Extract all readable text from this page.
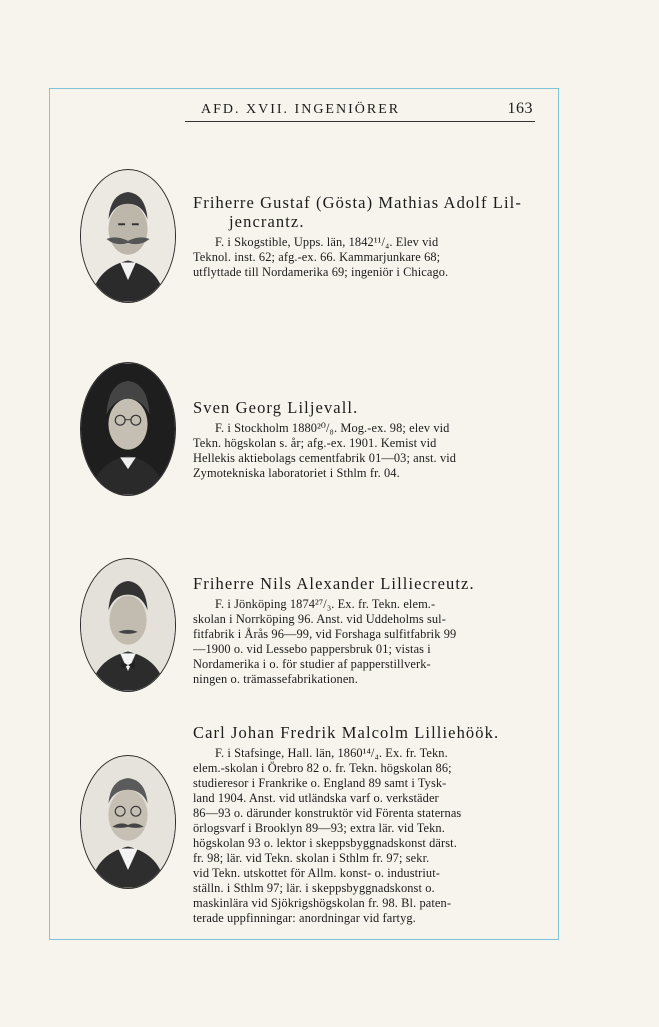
AFD. XVII. INGENIÖRER	163
Friherre Gustaf (Gösta) Mathias Adolf Lil-
jencrantz.
F. i Skogstible, Upps. län, 1842¹¹/₄. Elev vid
Teknol. inst. 62; afg.-ex. 66. Kammarjunkare 68;
utflyttade till Nordamerika 69; ingeniör i Chicago.
Sven Georg Liljevall.
F. i Stockholm 1880²⁰/₈. Mog.-ex. 98; elev vid
Tekn. högskolan s. år; afg.-ex. 1901. Kemist vid
Hellekis aktiebolags cementfabrik 01—03; anst. vid
Zymotekniska laboratoriet i Sthlm fr. 04.
Friherre Nils Alexander Lilliecreutz.
F. i Jönköping 1874²⁷/₃. Ex. fr. Tekn. elem.-
skolan i Norrköping 96. Anst. vid Uddeholms sul-
fitfabrik i Årås 96—99, vid Forshaga sulfitfabrik 99
—1900 o. vid Lessebo pappersbruk 01; vistas i
Nordamerika i o. för studier af papperstillverk-
ningen o. trämassefabrikationen.
Carl Johan Fredrik Malcolm Lilliehöök.
F. i Stafsinge, Hall. län, 1860¹⁴/₄. Ex. fr. Tekn.
elem.-skolan i Örebro 82 o. fr. Tekn. högskolan 86;
studieresor i Frankrike o. England 89 samt i Tysk-
land 1904. Anst. vid utländska varf o. verkstäder
86—93 o. därunder konstruktör vid Förenta staternas
örlogsvarf i Brooklyn 89—93; extra lär. vid Tekn.
högskolan 93 o. lektor i skeppsbyggnadskonst därst.
fr. 98; lär. vid Tekn. skolan i Sthlm fr. 97; sekr.
vid Tekn. utskottet för Allm. konst- o. industriut-
ställn. i Sthlm 97; lär. i skeppsbyggnadskonst o.
maskinlära vid Sjökrigshögskolan fr. 98. Bl. paten-
terade uppfinningar: anordningar vid fartyg.
